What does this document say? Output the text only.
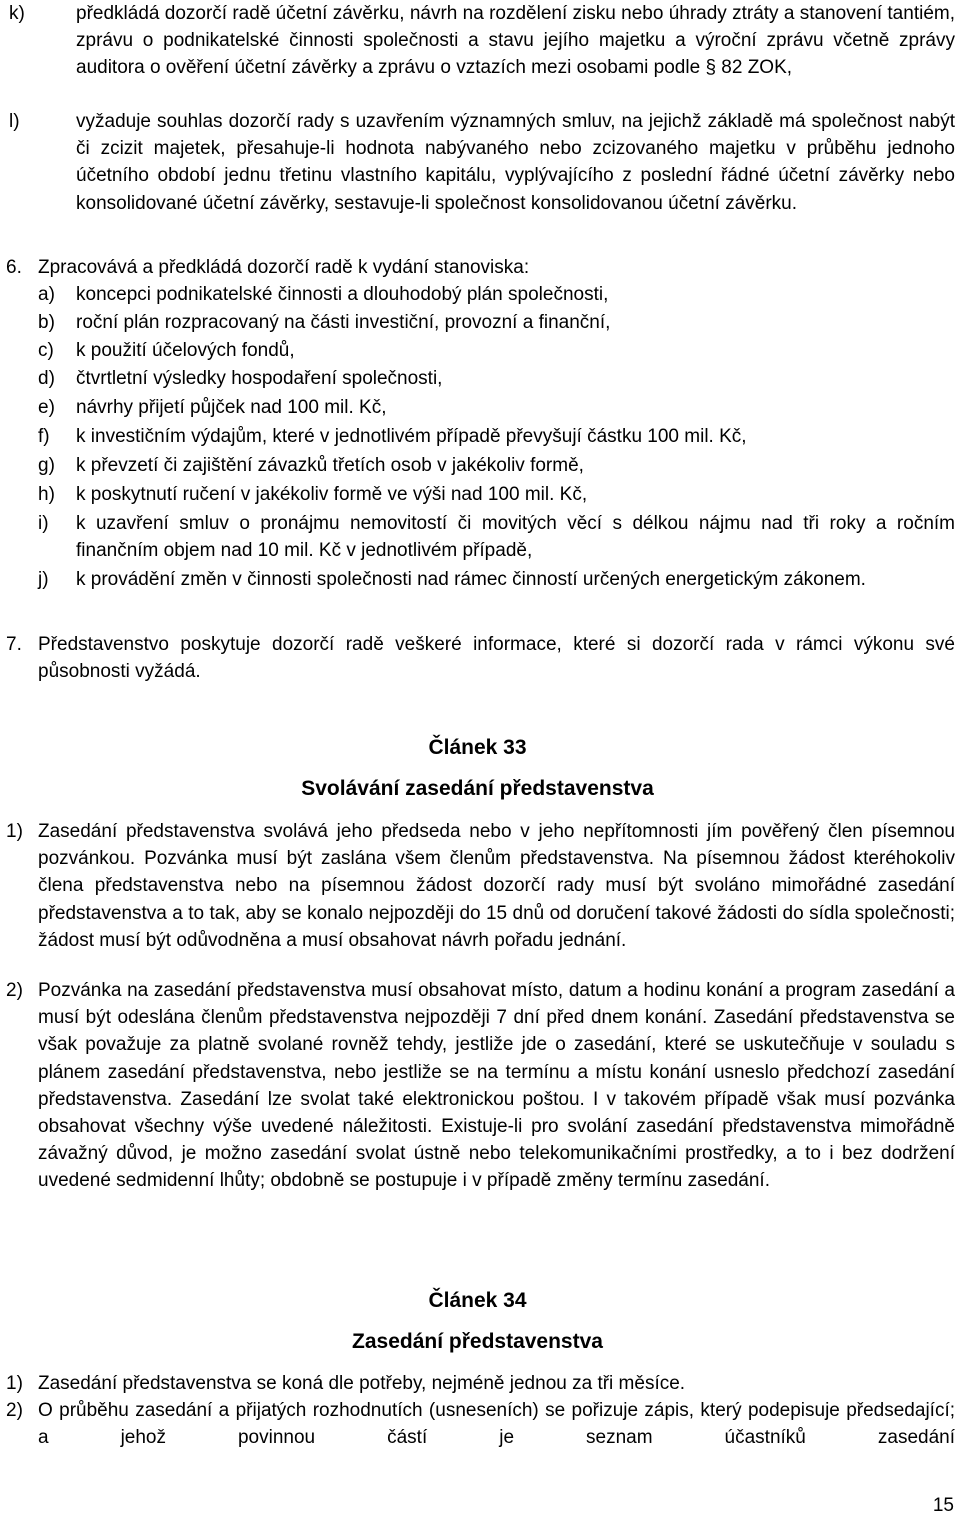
k)	předkládá dozorčí radě účetní závěrku, návrh na rozdělení zisku nebo úhrady ztráty a stanovení tantiém, zprávu o podnikatelské činnosti společnosti a stavu jejího majetku a výroční zprávu včetně zprávy auditora o ověření účetní závěrky a zprávu o vztazích mezi osobami podle § 82 ZOK,
l)	vyžaduje souhlas dozorčí rady s uzavřením významných smluv, na jejichž základě má společnost nabýt či zcizit majetek, přesahuje-li hodnota nabývaného nebo zcizovaného majetku v průběhu jednoho účetního období jednu třetinu vlastního kapitálu, vyplývajícího z poslední řádné účetní závěrky nebo konsolidované účetní závěrky, sestavuje-li společnost konsolidovanou účetní závěrku.
6. Zpracovává a předkládá dozorčí radě k vydání stanoviska:
a) koncepci podnikatelské činnosti a dlouhodobý plán společnosti,
b) roční plán rozpracovaný na části investiční, provozní a finanční,
c) k použití účelových fondů,
d) čtvrtletní výsledky hospodaření společnosti,
e) návrhy přijetí půjček nad 100 mil. Kč,
f) k investičním výdajům, které v jednotlivém případě převyšují částku 100 mil. Kč,
g) k převzetí či zajištění závazků třetích osob v jakékoliv formě,
h) k poskytnutí ručení v jakékoliv formě ve výši nad 100 mil. Kč,
i) k uzavření smluv o pronájmu nemovitostí či movitých věcí s délkou nájmu nad tři roky a ročním finančním objem nad 10 mil. Kč v jednotlivém případě,
j) k provádění změn v činnosti společnosti nad rámec činností určených energetickým zákonem.
7. Představenstvo poskytuje dozorčí radě veškeré informace, které si dozorčí rada v rámci výkonu své působnosti vyžádá.
Článek 33
Svolávání zasedání představenstva
1) Zasedání představenstva svolává jeho předseda nebo v jeho nepřítomnosti jím pověřený člen písemnou pozvánkou. Pozvánka musí být zaslána všem členům představenstva. Na písemnou žádost kteréhokoliv člena představenstva nebo na písemnou žádost dozorčí rady musí být svoláno mimořádné zasedání představenstva a to tak, aby se konalo nejpozději do 15 dnů od doručení takové žádosti do sídla společnosti; žádost musí být odůvodněna a musí obsahovat návrh pořadu jednání.
2) Pozvánka na zasedání představenstva musí obsahovat místo, datum a hodinu konání a program zasedání a musí být odeslána členům představenstva nejpozději 7 dní před dnem konání. Zasedání představenstva se však považuje za platně svolané rovněž tehdy, jestliže jde o zasedání, které se uskutečňuje v souladu s plánem zasedání představenstva, nebo jestliže se na termínu a místu konání usneslo předchozí zasedání představenstva. Zasedání lze svolat také elektronickou poštou. I v takovém případě však musí pozvánka obsahovat všechny výše uvedené náležitosti. Existuje-li pro svolání zasedání představenstva mimořádně závažný důvod, je možno zasedání svolat ústně nebo telekomunikačními prostředky, a to i bez dodržení uvedené sedmidenní lhůty; obdobně se postupuje i v případě změny termínu zasedání.
Článek 34
Zasedání představenstva
1) Zasedání představenstva se koná dle potřeby, nejméně jednou za tři měsíce.
2) O průběhu zasedání a přijatých rozhodnutích (usneseních) se pořizuje zápis, který podepisuje předsedající; a jehož povinnou částí je seznam účastníků zasedání
15
